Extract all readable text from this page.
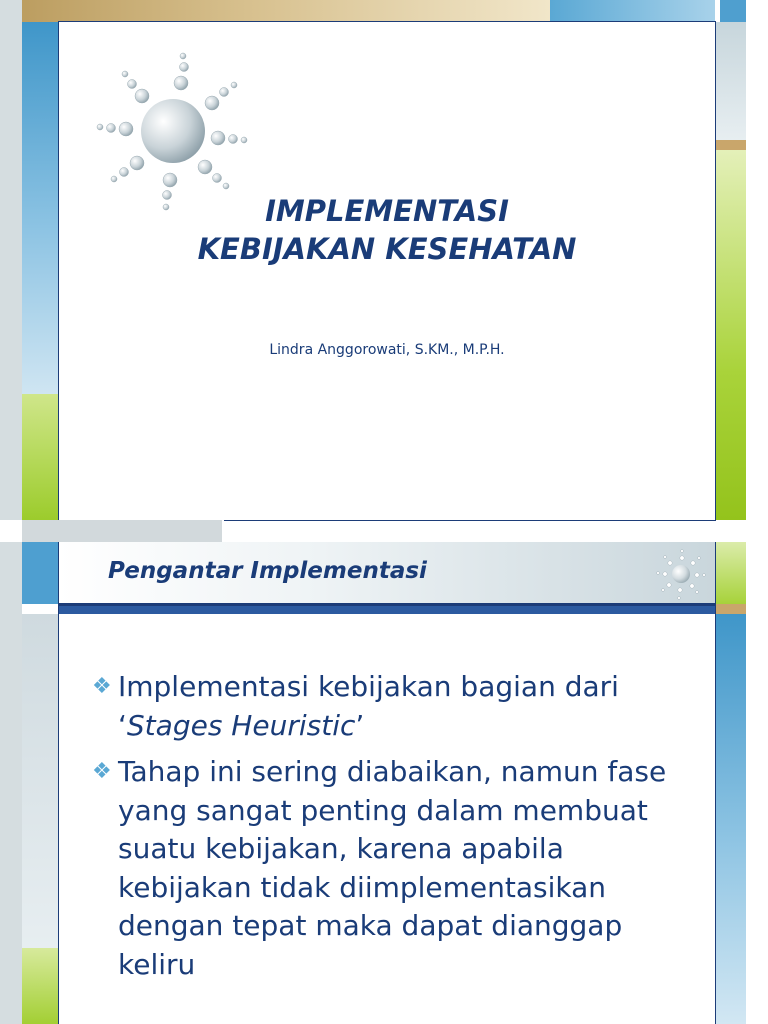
IMPLEMENTASI
KEBIJAKAN KESEHATAN
Lindra Anggorowati, S.KM., M.P.H.
Pengantar Implementasi
❖ Implementasi kebijakan bagian dari ‘Stages Heuristic’
❖ Tahap ini sering diabaikan, namun fase yang sangat penting dalam membuat suatu kebijakan, karena apabila kebijakan tidak diimplementasikan dengan tepat maka dapat dianggap keliru
